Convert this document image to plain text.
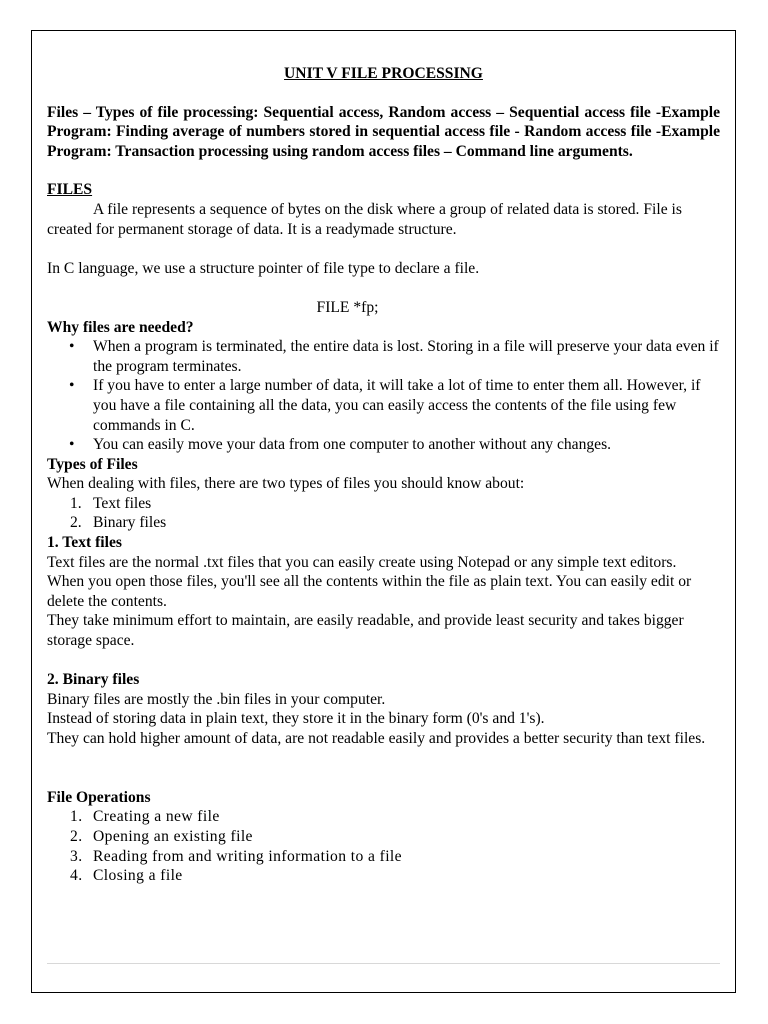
UNIT V FILE PROCESSING

Files – Types of file processing: Sequential access, Random access – Sequential access file -Example Program: Finding average of numbers stored in sequential access file - Random access file -Example Program: Transaction processing using random access files – Command line arguments.

FILES

A file represents a sequence of bytes on the disk where a group of related data is stored. File is

created for permanent storage of data. It is a readymade structure.

In C language, we use a structure pointer of file type to declare a file.

FILE *fp;

Why files are needed?

• When a program is terminated, the entire data is lost. Storing in a file will preserve your data even if the program terminates.
• If you have to enter a large number of data, it will take a lot of time to enter them all. However, if you have a file containing all the data, you can easily access the contents of the file using few commands in C.
• You can easily move your data from one computer to another without any changes.

Types of Files

When dealing with files, there are two types of files you should know about:

1. Text files
2. Binary files

1. Text files

Text files are the normal .txt files that you can easily create using Notepad or any simple text editors.

When you open those files, you'll see all the contents within the file as plain text. You can easily edit or delete the contents.

They take minimum effort to maintain, are easily readable, and provide least security and takes bigger storage space.

2. Binary files

Binary files are mostly the .bin files in your computer.

Instead of storing data in plain text, they store it in the binary form (0's and 1's).

They can hold higher amount of data, are not readable easily and provides a better security than text files.

File Operations

1. Creating a new file
2. Opening an existing file
3. Reading from and writing information to a file
4. Closing a file
